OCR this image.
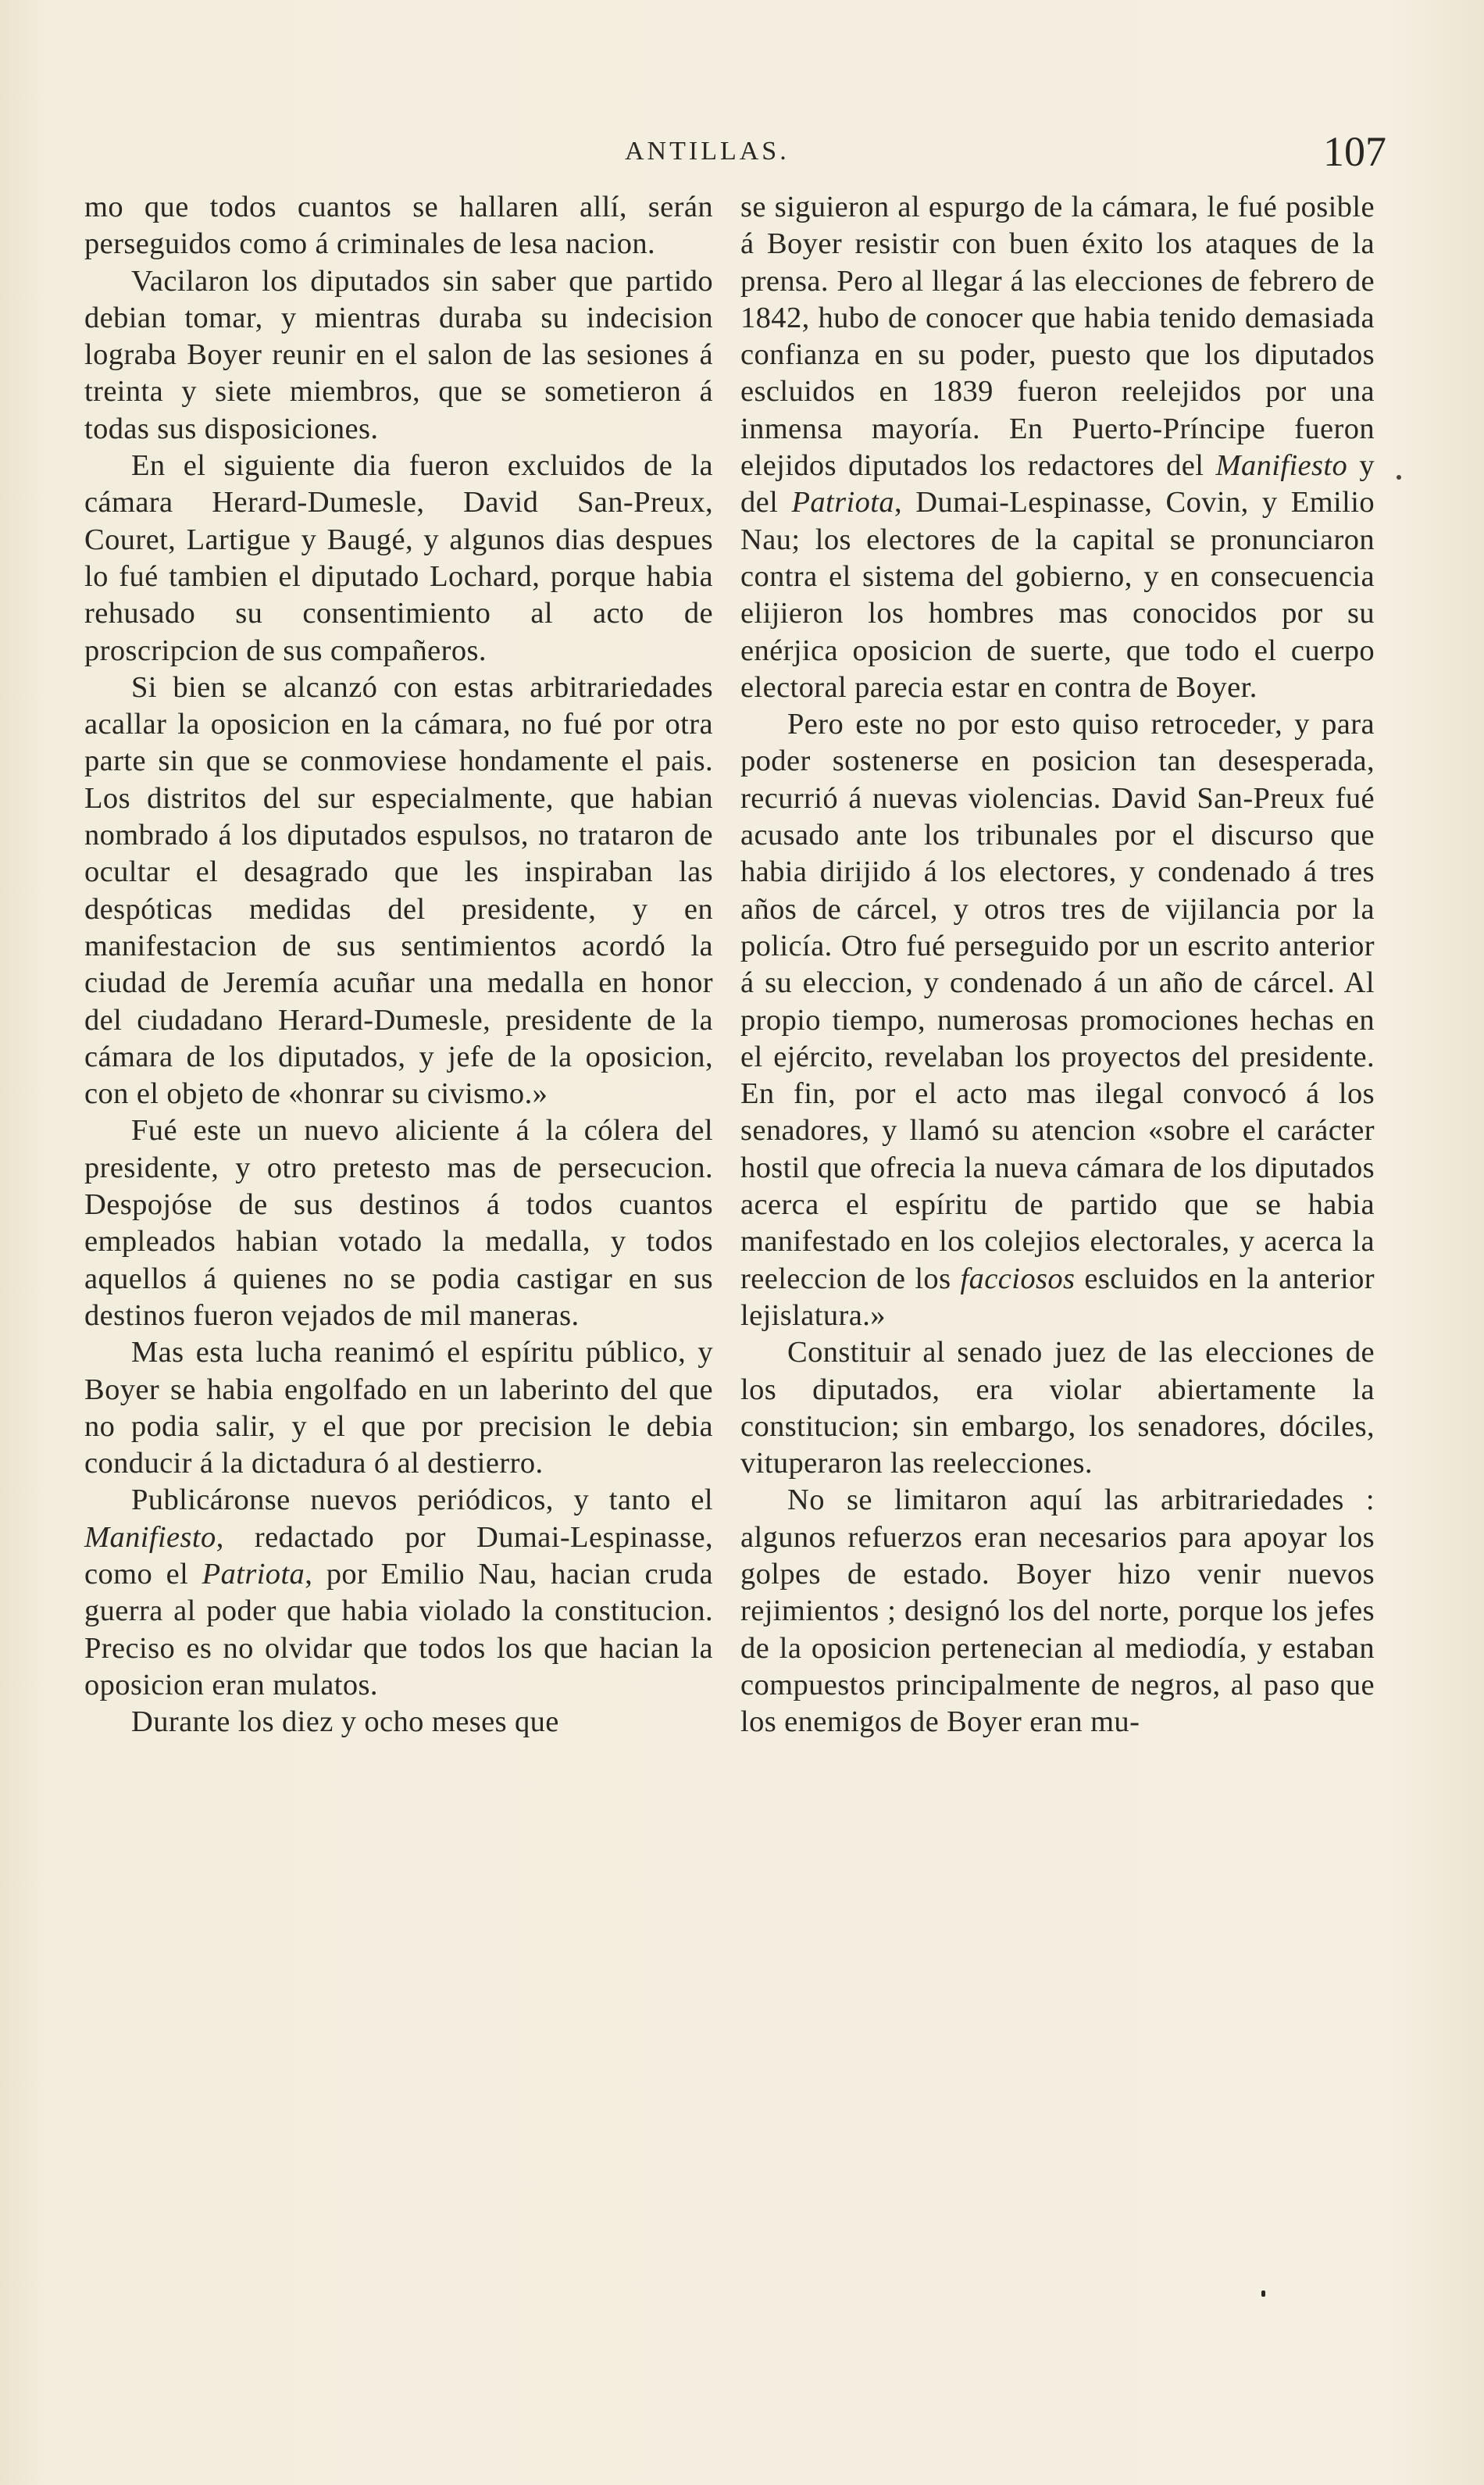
ANTILLAS.	107

mo que todos cuantos se hallaren allí, serán perseguidos como á criminales de lesa nacion.

Vacilaron los diputados sin saber que partido debian tomar, y mientras duraba su indecision lograba Boyer reunir en el salon de las sesiones á treinta y siete miembros, que se sometieron á todas sus disposiciones.

En el siguiente dia fueron excluidos de la cámara Herard-Dumesle, David San-Preux, Couret, Lartigue y Baugé, y algunos dias despues lo fué tambien el diputado Lochard, porque habia rehusado su consentimiento al acto de proscripcion de sus compañeros.

Si bien se alcanzó con estas arbitrariedades acallar la oposicion en la cámara, no fué por otra parte sin que se conmoviese hondamente el pais. Los distritos del sur especialmente, que habian nombrado á los diputados espulsos, no trataron de ocultar el desagrado que les inspiraban las despóticas medidas del presidente, y en manifestacion de sus sentimientos acordó la ciudad de Jeremía acuñar una medalla en honor del ciudadano Herard-Dumesle, presidente de la cámara de los diputados, y jefe de la oposicion, con el objeto de «honrar su civismo.»

Fué este un nuevo aliciente á la cólera del presidente, y otro pretesto mas de persecucion. Despojóse de sus destinos á todos cuantos empleados habian votado la medalla, y todos aquellos á quienes no se podia castigar en sus destinos fueron vejados de mil maneras.

Mas esta lucha reanimó el espíritu público, y Boyer se habia engolfado en un laberinto del que no podia salir, y el que por precision le debia conducir á la dictadura ó al destierro.

Publicáronse nuevos periódicos, y tanto el Manifiesto, redactado por Dumai-Lespinasse, como el Patriota, por Emilio Nau, hacian cruda guerra al poder que habia violado la constitucion. Preciso es no olvidar que todos los que hacian la oposicion eran mulatos.

Durante los diez y ocho meses que

se siguieron al espurgo de la cámara, le fué posible á Boyer resistir con buen éxito los ataques de la prensa. Pero al llegar á las elecciones de febrero de 1842, hubo de conocer que habia tenido demasiada confianza en su poder, puesto que los diputados escluidos en 1839 fueron reelejidos por una inmensa mayoría. En Puerto-Príncipe fueron elejidos diputados los redactores del Manifiesto y del Patriota, Dumai-Lespinasse, Covin, y Emilio Nau; los electores de la capital se pronunciaron contra el sistema del gobierno, y en consecuencia elijieron los hombres mas conocidos por su enérjica oposicion de suerte, que todo el cuerpo electoral parecia estar en contra de Boyer.

Pero este no por esto quiso retroceder, y para poder sostenerse en posicion tan desesperada, recurrió á nuevas violencias. David San-Preux fué acusado ante los tribunales por el discurso que habia dirijido á los electores, y condenado á tres años de cárcel, y otros tres de vijilancia por la policía. Otro fué perseguido por un escrito anterior á su eleccion, y condenado á un año de cárcel. Al propio tiempo, numerosas promociones hechas en el ejército, revelaban los proyectos del presidente. En fin, por el acto mas ilegal convocó á los senadores, y llamó su atencion «sobre el carácter hostil que ofrecia la nueva cámara de los diputados acerca el espíritu de partido que se habia manifestado en los colejios electorales, y acerca la reeleccion de los facciosos escluidos en la anterior lejislatura.»

Constituir al senado juez de las elecciones de los diputados, era violar abiertamente la constitucion; sin embargo, los senadores, dóciles, vituperaron las reelecciones.

No se limitaron aquí las arbitrariedades : algunos refuerzos eran necesarios para apoyar los golpes de estado. Boyer hizo venir nuevos rejimientos ; designó los del norte, porque los jefes de la oposicion pertenecian al mediodía, y estaban compuestos principalmente de negros, al paso que los enemigos de Boyer eran mu-
